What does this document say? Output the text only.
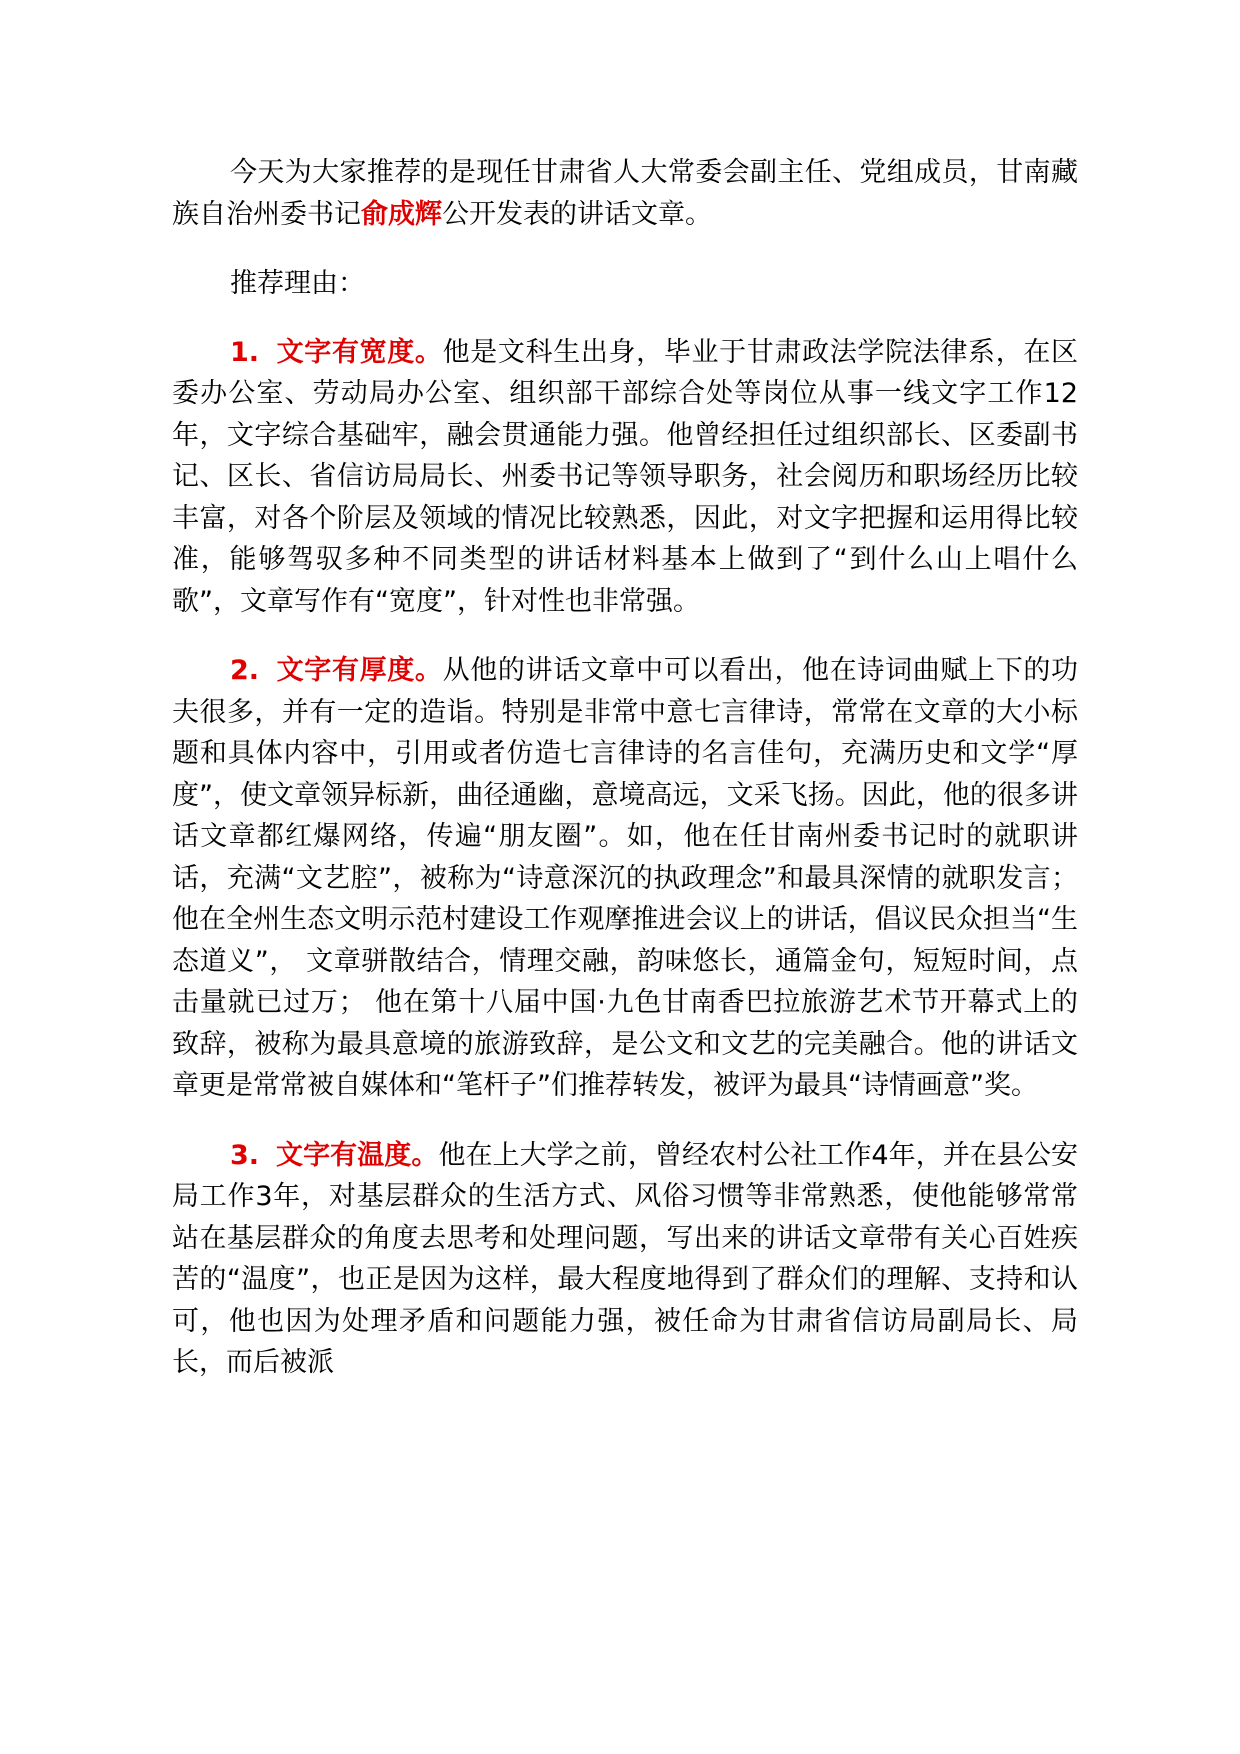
今天为大家推荐的是现任甘肃省人大常委会副主任、党组成员，甘南藏族自治州委书记俞成辉公开发表的讲话文章。

推荐理由：

1. 文字有宽度。他是文科生出身，毕业于甘肃政法学院法律系，在区委办公室、劳动局办公室、组织部干部综合处等岗位从事一线文字工作12年，文字综合基础牢，融会贯通能力强。他曾经担任过组织部长、区委副书记、区长、省信访局局长、州委书记等领导职务，社会阅历和职场经历比较丰富，对各个阶层及领域的情况比较熟悉，因此，对文字把握和运用得比较准，能够驾驭多种不同类型的讲话材料基本上做到了“到什么山上唱什么歌”，文章写作有“宽度”，针对性也非常强。

2. 文字有厚度。从他的讲话文章中可以看出，他在诗词曲赋上下的功夫很多，并有一定的造诣。特别是非常中意七言律诗，常常在文章的大小标题和具体内容中，引用或者仿造七言律诗的名言佳句，充满历史和文学“厚度”，使文章领异标新，曲径通幽，意境高远，文采飞扬。因此，他的很多讲话文章都红爆网络，传遍“朋友圈”。如，他在任甘南州委书记时的就职讲话，充满“文艺腔”，被称为“诗意深沉的执政理念”和最具深情的就职发言；他在全州生态文明示范村建设工作观摩推进会议上的讲话，倡议民众担当“生态道义”， 文章骈散结合，情理交融，韵味悠长，通篇金句，短短时间，点击量就已过万； 他在第十八届中国·九色甘南香巴拉旅游艺术节开幕式上的致辞，被称为最具意境的旅游致辞，是公文和文艺的完美融合。他的讲话文章更是常常被自媒体和“笔杆子”们推荐转发，被评为最具“诗情画意”奖。

3. 文字有温度。他在上大学之前，曾经农村公社工作4年，并在县公安局工作3年，对基层群众的生活方式、风俗习惯等非常熟悉，使他能够常常站在基层群众的角度去思考和处理问题，写出来的讲话文章带有关心百姓疾苦的“温度”，也正是因为这样，最大程度地得到了群众们的理解、支持和认可，他也因为处理矛盾和问题能力强，被任命为甘肃省信访局副局长、局长，而后被派
